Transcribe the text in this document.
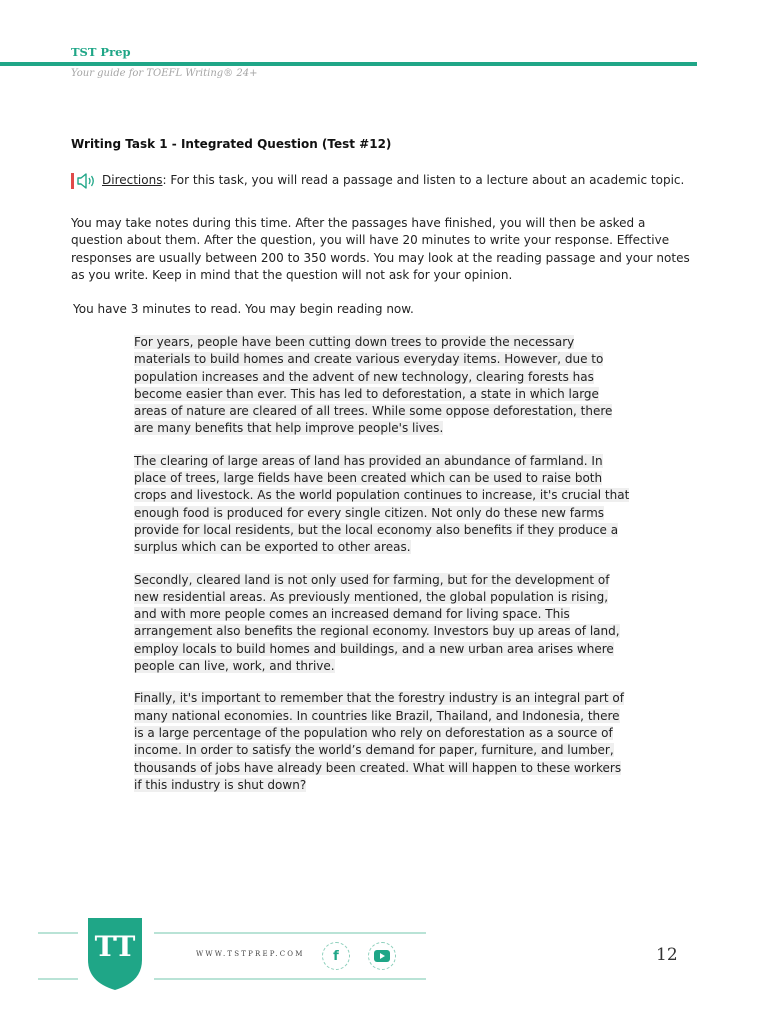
TST Prep
Your guide for TOEFL Writing® 24+
Writing Task 1 - Integrated Question (Test #12)
Directions : For this task, you will read a passage and listen to a lecture about an academic topic.
You may take notes during this time. After the passages have finished, you will then be asked a question about them. After the question, you will have 20 minutes to write your response. Effective responses are usually between 200 to 350 words. You may look at the reading passage and your notes as you write. Keep in mind that the question will not ask for your opinion.
You have 3 minutes to read. You may begin reading now.

For years, people have been cutting down trees to provide the necessary materials to build homes and create various everyday items. However, due to population increases and the advent of new technology, clearing forests has become easier than ever. This has led to deforestation, a state in which large areas of nature are cleared of all trees. While some oppose deforestation, there are many benefits that help improve people's lives.

The clearing of large areas of land has provided an abundance of farmland. In place of trees, large fields have been created which can be used to raise both crops and livestock. As the world population continues to increase, it's crucial that enough food is produced for every single citizen. Not only do these new farms provide for local residents, but the local economy also benefits if they produce a surplus which can be exported to other areas.

Secondly, cleared land is not only used for farming, but for the development of new residential areas. As previously mentioned, the global population is rising, and with more people comes an increased demand for living space. This arrangement also benefits the regional economy. Investors buy up areas of land, employ locals to build homes and buildings, and a new urban area arises where people can live, work, and thrive.

Finally, it's important to remember that the forestry industry is an integral part of many national economies. In countries like Brazil, Thailand, and Indonesia, there is a large percentage of the population who rely on deforestation as a source of income. In order to satisfy the world’s demand for paper, furniture, and lumber, thousands of jobs have already been created. What will happen to these workers if this industry is shut down?

TT	WWW.TSTPREP.COM f	12
